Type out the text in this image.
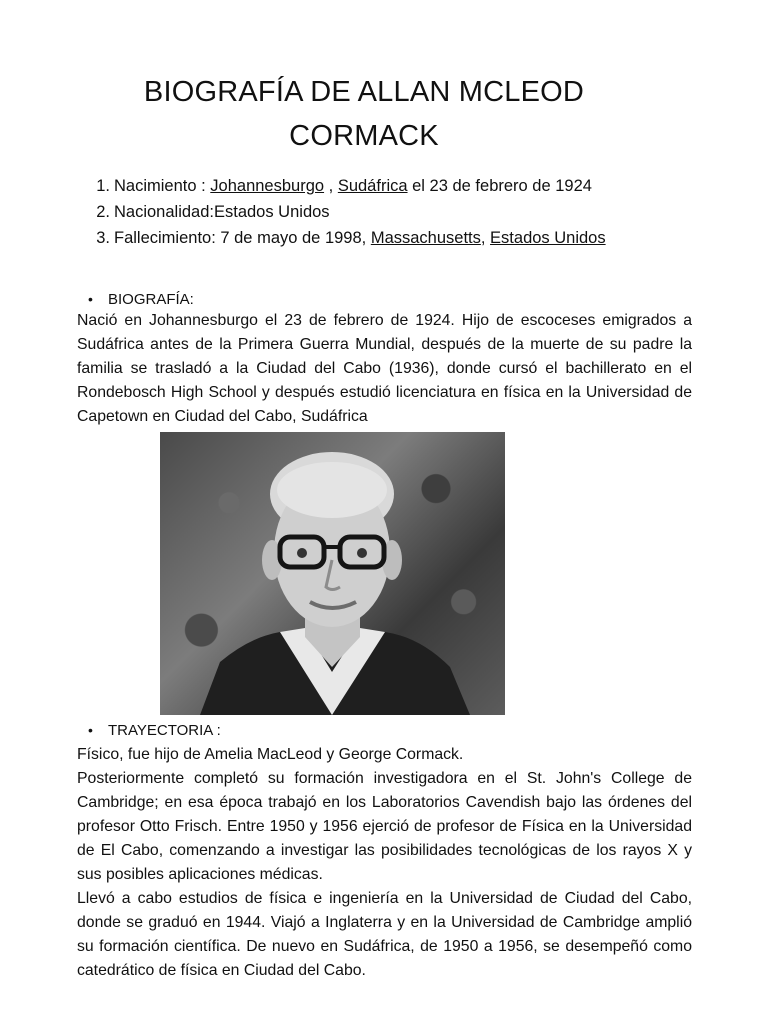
BIOGRAFÍA DE ALLAN MCLEOD CORMACK
1. Nacimiento : Johannesburgo , Sudáfrica el 23 de febrero de 1924
2. Nacionalidad:Estados Unidos
3. Fallecimiento: 7 de mayo de 1998, Massachusetts, Estados Unidos
• BIOGRAFÍA:

Nació en Johannesburgo el 23 de febrero de 1924. Hijo de escoceses emigrados a Sudáfrica antes de la Primera Guerra Mundial, después de la muerte de su padre la familia se trasladó a la Ciudad del Cabo (1936), donde cursó el bachillerato en el Rondebosch High School y después estudió licenciatura en física en la Universidad de Capetown en Ciudad del Cabo, Sudáfrica

• TRAYECTORIA :

Físico, fue hijo de Amelia MacLeod y George Cormack.

Posteriormente completó su formación investigadora en el St. John's College de Cambridge; en esa época trabajó en los Laboratorios Cavendish bajo las órdenes del profesor Otto Frisch. Entre 1950 y 1956 ejerció de profesor de Física en la Universidad de El Cabo, comenzando a investigar las posibilidades tecnológicas de los rayos X y sus posibles aplicaciones médicas.

Llevó a cabo estudios de física e ingeniería en la Universidad de Ciudad del Cabo, donde se graduó en 1944. Viajó a Inglaterra y en la Universidad de Cambridge amplió su formación científica. De nuevo en Sudáfrica, de 1950 a 1956, se desempeñó como catedrático de física en Ciudad del Cabo.
